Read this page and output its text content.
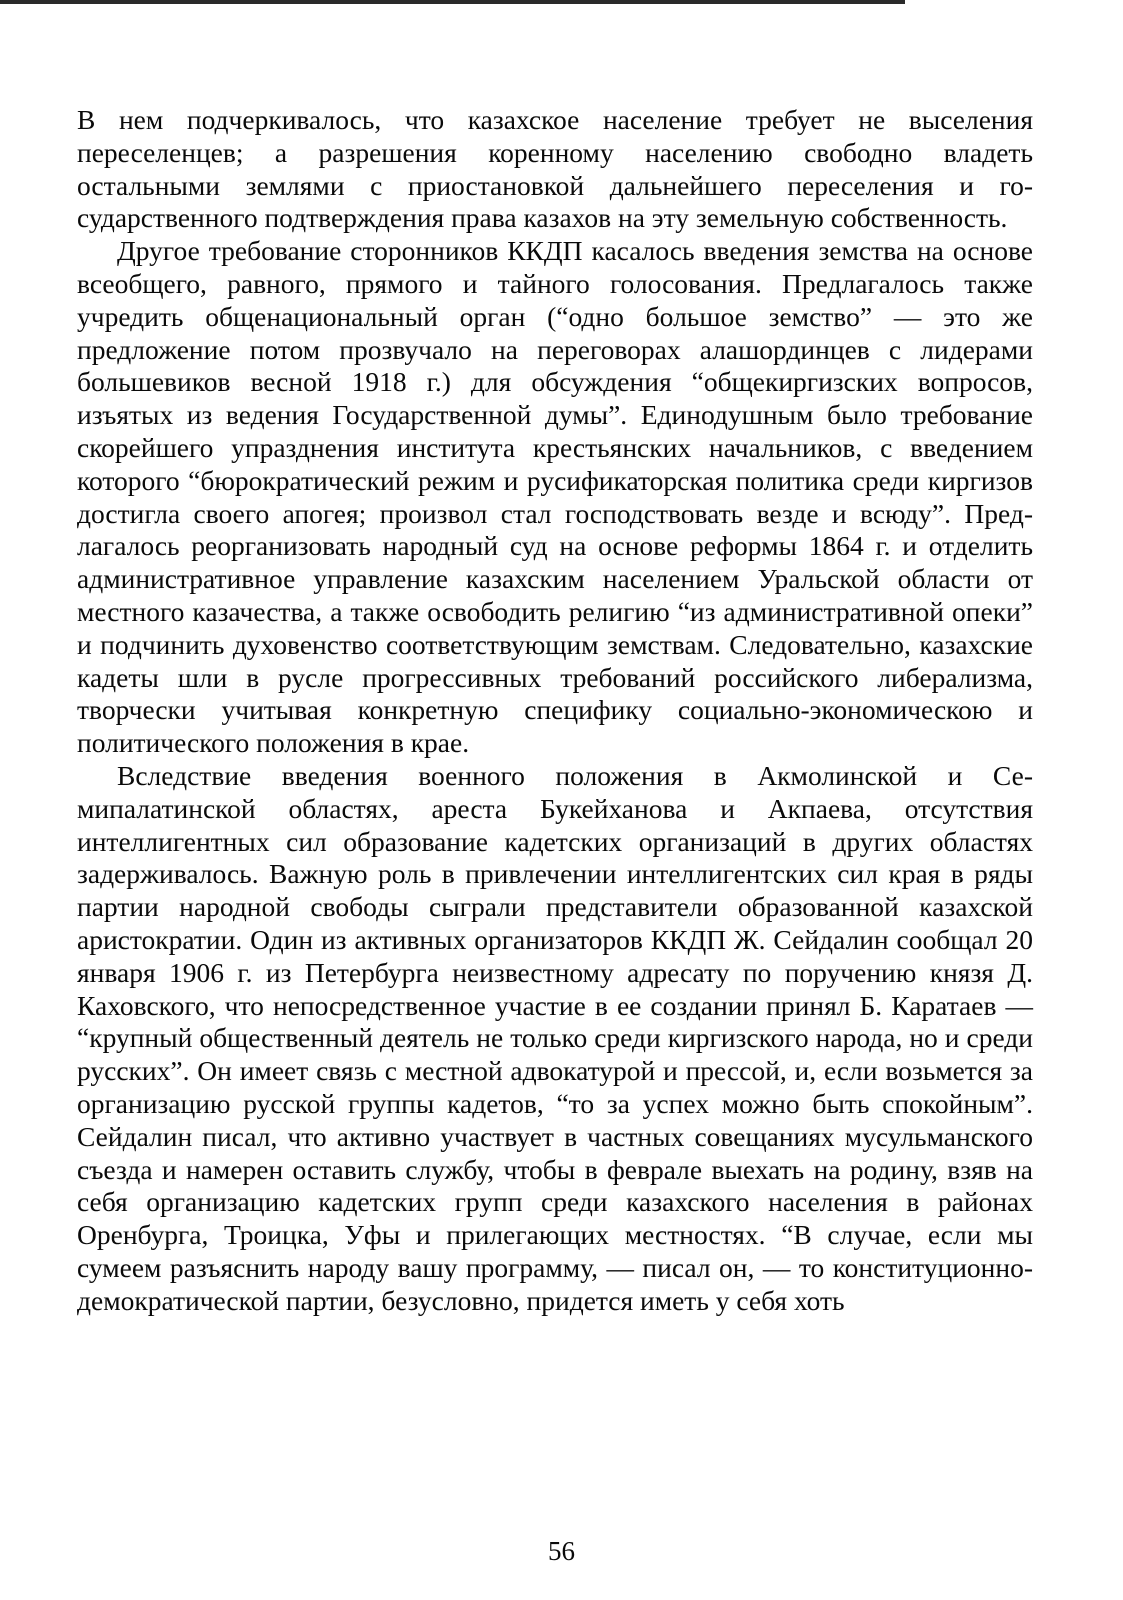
В нем подчеркивалось, что казахское население требует не выселения переселенцев; а разрешения коренному населению свободно владеть остальными землями с приостановкой дальнейшего переселения и государственного подтверждения права казахов на эту земельную собственность.

Другое требование сторонников ККДП касалось введения земства на основе всеобщего, равного, прямого и тайного голосования. Предлагалось также учредить общенациональный орган (“одно большое земство” — это же предложение потом прозвучало на переговорах алашординцев с лидерами большевиков весной 1918 г.) для обсуждения “общекиргизских вопросов, изъятых из ведения Государственной думы”. Единодушным было требование скорейшего упразднения института крестьянских начальников, с введением которого “бюрократический режим и русификаторская политика среди киргизов достигла своего апогея; произвол стал господствовать везде и всюду”. Предлагалось реорганизовать народный суд на основе реформы 1864 г. и отделить административное управление казахским населением Уральской области от местного казачества, а также освободить религию “из административной опеки” и подчинить духовенство соответствующим земствам. Следовательно, казахские кадеты шли в русле прогрессивных требований российского либерализма, творчески учитывая конкретную специфику социально-экономическою и политического положения в крае.

Вследствие введения военного положения в Акмолинской и Семипалатинской областях, ареста Букейханова и Акпаева, отсутствия интеллигентных сил образование кадетских организаций в других областях задерживалось. Важную роль в привлечении интеллигентских сил края в ряды партии народной свободы сыграли представители образованной казахской аристократии. Один из активных организаторов ККДП Ж. Сейдалин сообщал 20 января 1906 г. из Петербурга неизвестному адресату по поручению князя Д. Каховского, что непосредственное участие в ее создании принял Б. Каратаев — “крупный общественный деятель не только среди киргизского народа, но и среди русских”. Он имеет связь с местной адвокатурой и прессой, и, если возьмется за организацию русской группы кадетов, “то за успех можно быть спокойным”. Сейдалин писал, что активно участвует в частных совещаниях мусульманского съезда и намерен оставить службу, чтобы в феврале выехать на родину, взяв на себя организацию кадетских групп среди казахского населения в районах Оренбурга, Троицка, Уфы и прилегающих местностях. “В случае, если мы сумеем разъяснить народу вашу программу, — писал он, — то конституционно-демократической партии, безусловно, придется иметь у себя хоть

56
